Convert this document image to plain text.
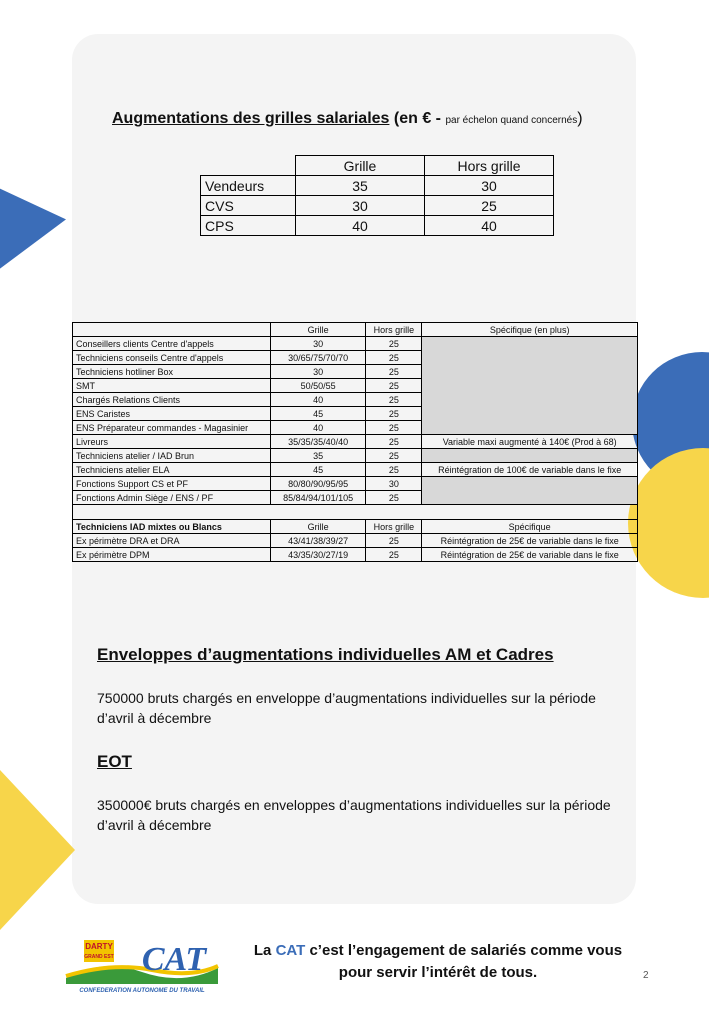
Augmentations des grilles salariales (en € - par échelon quand concernés)
	Grille	Hors grille
Vendeurs	35	30
CVS	30	25
CPS	40	40
	Grille	Hors grille	Spécifique (en plus)
Conseillers clients Centre d'appels	30	25	
Techniciens conseils Centre d'appels	30/65/75/70/70	25	
Techniciens hotliner Box	30	25	
SMT	50/50/55	25	
Chargés Relations Clients	40	25	
ENS Caristes	45	25	
ENS Préparateur commandes - Magasinier	40	25	
Livreurs	35/35/35/40/40	25	Variable maxi augmenté à 140€ (Prod à 68)
Techniciens atelier / IAD Brun	35	25	
Techniciens atelier ELA	45	25	Réintégration de 100€ de variable dans le fixe
Fonctions Support CS et PF	80/80/90/95/95	30	
Fonctions Admin Siège / ENS / PF	85/84/94/101/105	25	

Techniciens IAD mixtes ou Blancs	Grille	Hors grille	Spécifique
Ex périmètre DRA et DRA	43/41/38/39/27	25	Réintégration de 25€ de variable dans le fixe
Ex périmètre DPM	43/35/30/27/19	25	Réintégration de 25€ de variable dans le fixe
Enveloppes d’augmentations individuelles AM et Cadres
750000 bruts chargés en enveloppe d’augmentations individuelles sur la période d’avril à décembre
EOT
350000€ bruts chargés en enveloppes d’augmentations individuelles sur la période d’avril à décembre
DARTY
GRAND EST CAT
CONFEDERATION AUTONOME DU TRAVAIL
La CAT c’est l’engagement de salariés comme vous
pour servir l’intérêt de tous.	2
